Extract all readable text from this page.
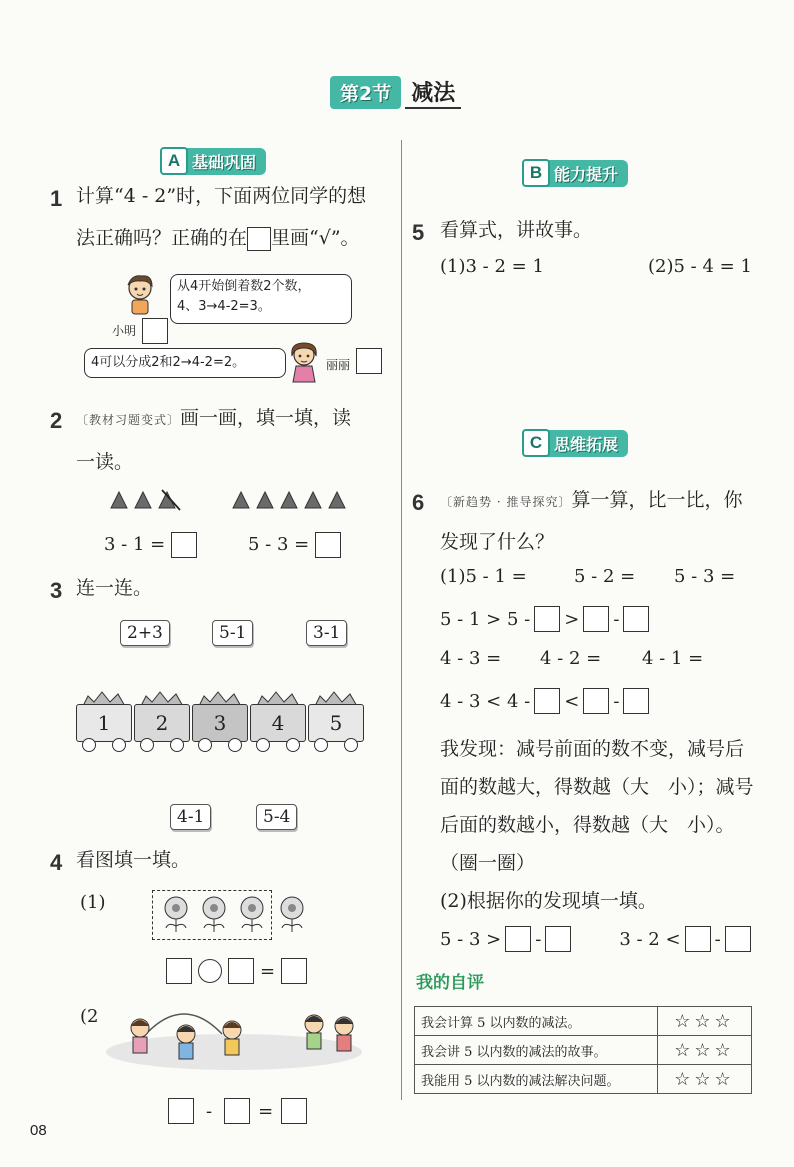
第2节 减法
A 基础巩固
1 计算“4 - 2”时，下面两位同学的想
法正确吗？正确的在 里画“√”。
从4开始倒着数2个数，
4、3→4-2=3。
小明
4可以分成2和2→4-2=2。	丽丽
2 〔教材习题变式〕画一画，填一填，读
一读。
3 - 1 =	5 - 3 =
3 连一连。
2+3	5-1	3-1
1	2	3	4	5
4-1	5-4
4 看图填一填。
(1)
=
(2
-	=
B 能力提升
5 看算式，讲故事。
(1)3 - 2 = 1	(2)5 - 4 = 1
C 思维拓展
6 〔新趋势 · 推导探究〕算一算，比一比，你
发现了什么？
(1)5 - 1 =	5 - 2 = 5 - 3 =
5 - 1 > 5 - > -
4 - 3 = 4 - 2 = 4 - 1 =
4 - 3 < 4 - < -
我发现：减号前面的数不变，减号后
面的数越大，得数越（大　小）；减号
后面的数越小，得数越（大　小）。
（圈一圈）
(2)根据你的发现填一填。
5 - 3 > -	3 - 2 < -
我的自评
我会计算 5 以内数的减法。	☆☆☆
我会讲 5 以内数的减法的故事。	☆☆☆
我能用 5 以内数的减法解决问题。	☆☆☆
08
